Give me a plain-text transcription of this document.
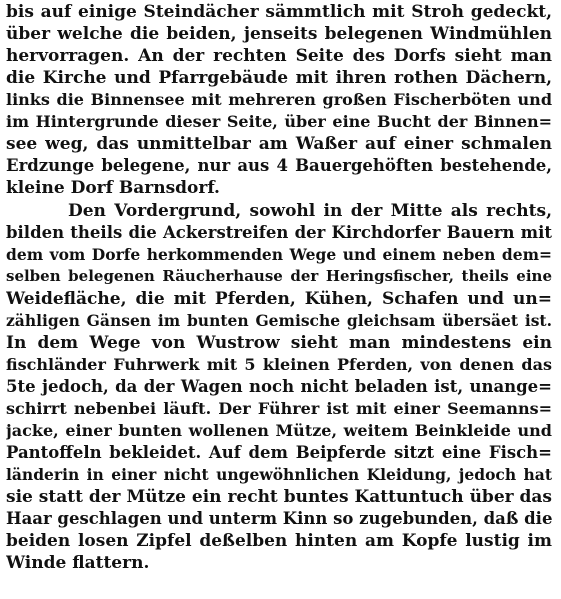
bis auf einige Steindächer sämmtlich mit Stroh gedeckt,
über welche die beiden, jenseits belegenen Windmühlen
hervorragen. An der rechten Seite des Dorfs sieht man
die Kirche und Pfarrgebäude mit ihren rothen Dächern,
links die Binnensee mit mehreren großen Fischerböten und
im Hintergrunde dieser Seite, über eine Bucht der Binnen=
see weg, das unmittelbar am Waßer auf einer schmalen
Erdzunge belegene, nur aus 4 Bauergehöften bestehende,
kleine Dorf Barnsdorf.
Den Vordergrund, sowohl in der Mitte als rechts,
bilden theils die Ackerstreifen der Kirchdorfer Bauern mit
dem vom Dorfe herkommenden Wege und einem neben dem=
selben belegenen Räucherhause der Heringsfischer, theils eine
Weidefläche, die mit Pferden, Kühen, Schafen und un=
zähligen Gänsen im bunten Gemische gleichsam übersäet ist.
In dem Wege von Wustrow sieht man mindestens ein
fischländer Fuhrwerk mit 5 kleinen Pferden, von denen das
5te jedoch, da der Wagen noch nicht beladen ist, unange=
schirrt nebenbei läuft. Der Führer ist mit einer Seemanns=
jacke, einer bunten wollenen Mütze, weitem Beinkleide und
Pantoffeln bekleidet. Auf dem Beipferde sitzt eine Fisch=
länderin in einer nicht ungewöhnlichen Kleidung, jedoch hat
sie statt der Mütze ein recht buntes Kattuntuch über das
Haar geschlagen und unterm Kinn so zugebunden, daß die
beiden losen Zipfel deßelben hinten am Kopfe lustig im
Winde flattern.
